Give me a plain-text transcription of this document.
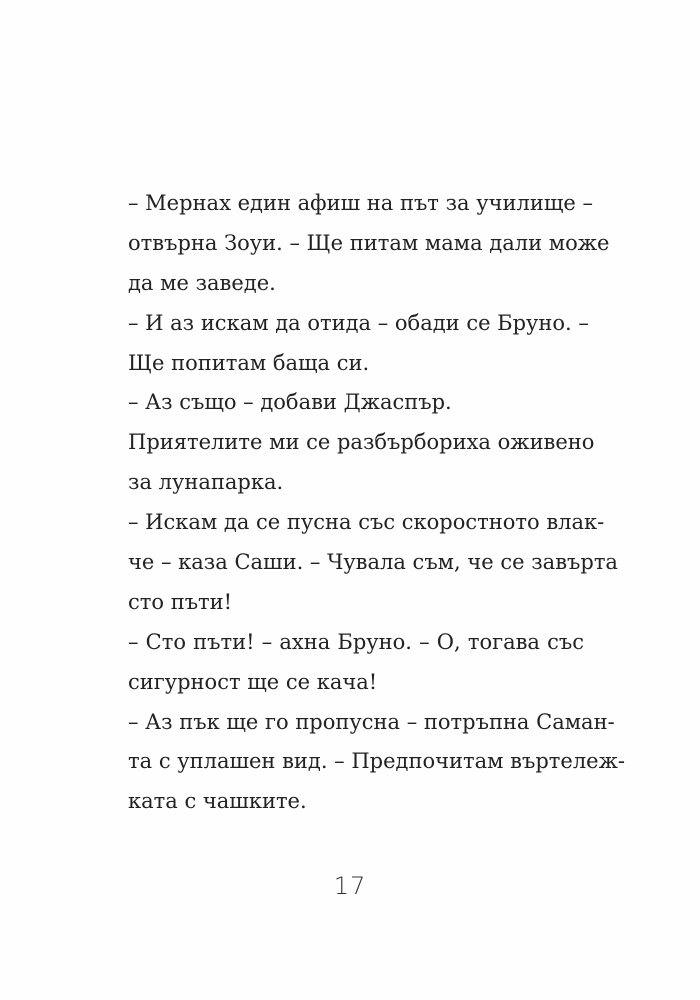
– Мернах един афиш на път за училище –
отвърна Зоуи. – Ще питам мама дали може
да ме заведе.
– И аз искам да отида – обади се Бруно. –
Ще попитам баща си.
– Аз също – добави Джаспър.
Приятелите ми се разбърбориха оживено
за лунапарка.
– Искам да се пусна със скоростното влак-
че – каза Саши. – Чувала съм, че се завърта
сто пъти!
– Сто пъти! – ахна Бруно. – О, тогава със
сигурност ще се кача!
– Аз пък ще го пропусна – потръпна Саман-
та с уплашен вид. – Предпочитам въртележ-
ката с чашките.
17
